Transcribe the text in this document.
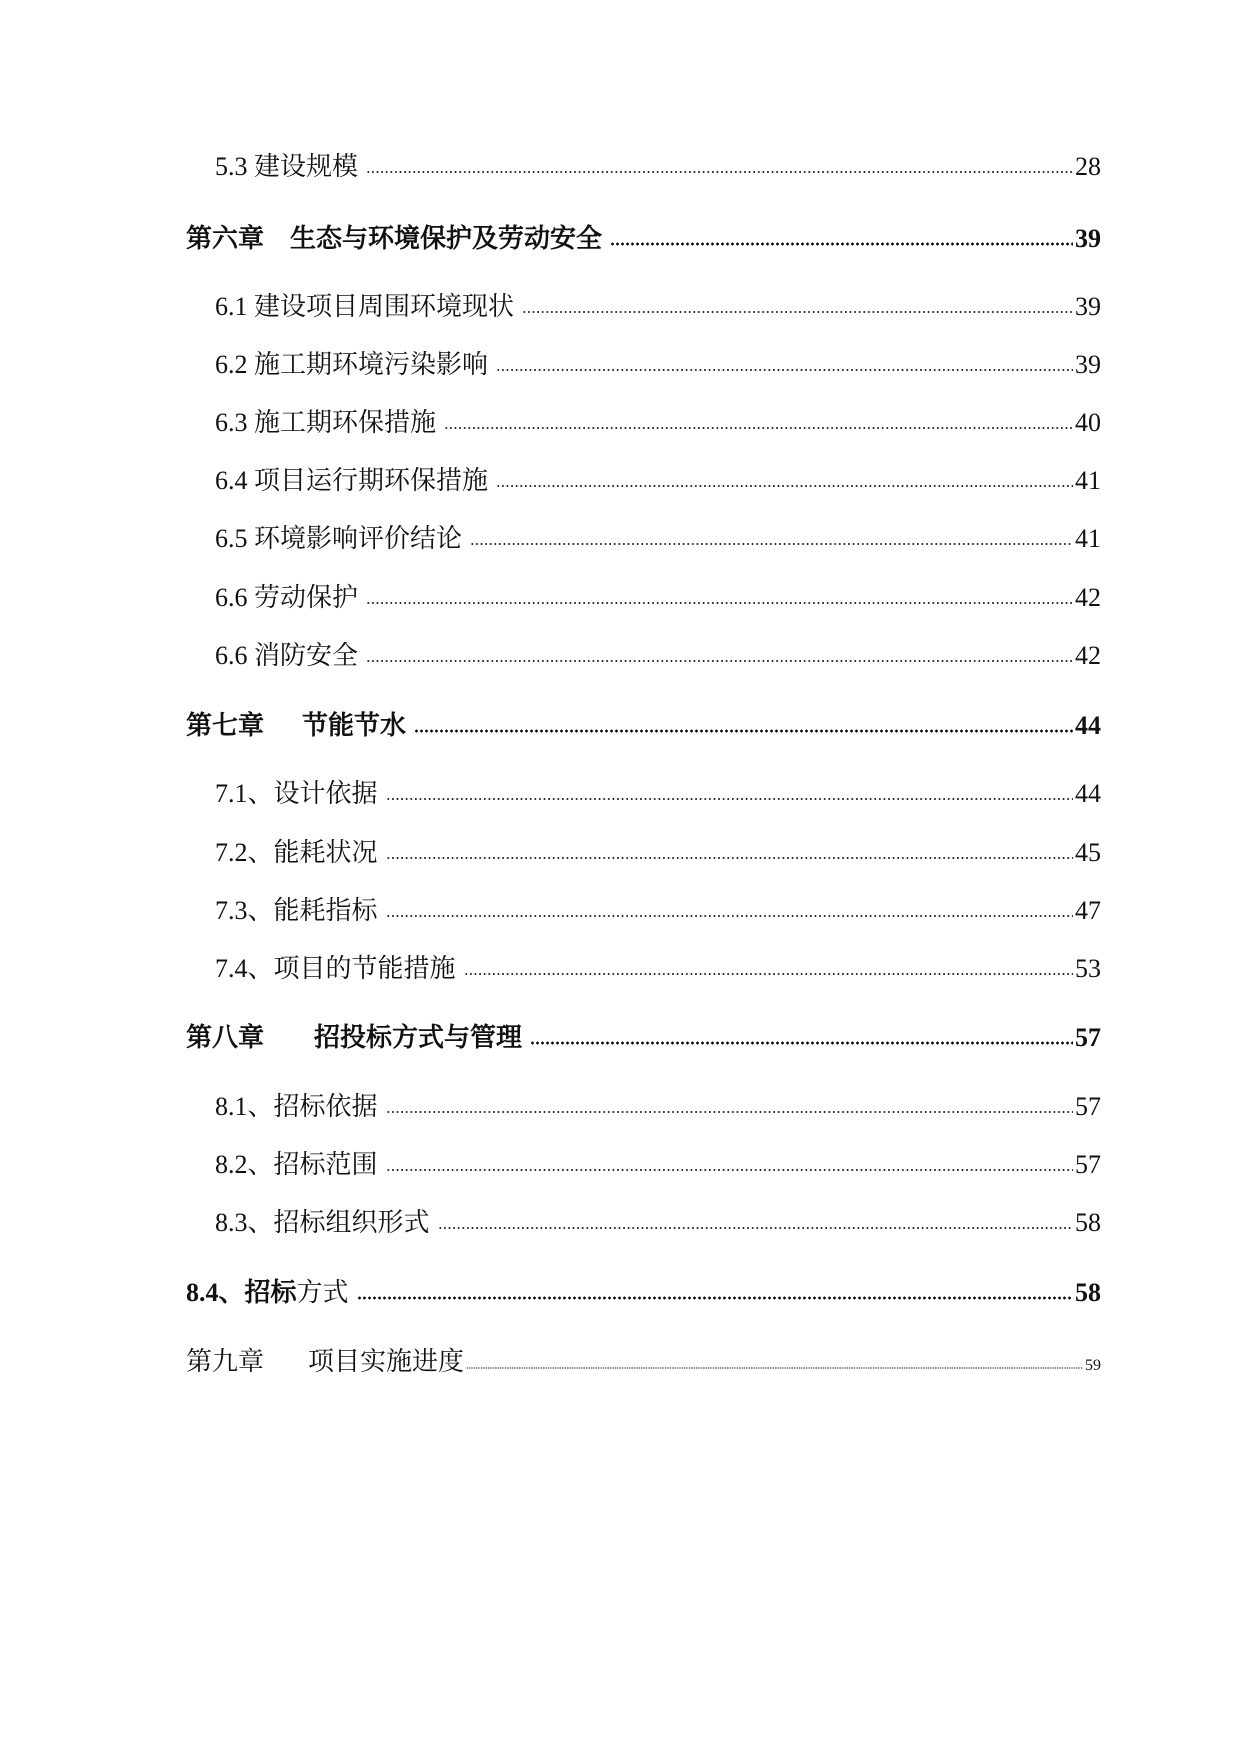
5.3 建设规模	28
第六章 生态与环境保护及劳动安全	39
6.1 建设项目周围环境现状	39
6.2 施工期环境污染影响	39
6.3 施工期环保措施	40
6.4 项目运行期环保措施	41
6.5 环境影响评价结论	41
6.6 劳动保护	42
6.6 消防安全	42
第七章 节能节水	44
7.1、设计依据	44
7.2、能耗状况	45
7.3、能耗指标	47
7.4、项目的节能措施	53
第八章 招投标方式与管理	57
8.1、招标依据	57
8.2、招标范围	57
8.3、招标组织形式	58
8.4、招标 方式	58
第九章 项目实施进度	59
